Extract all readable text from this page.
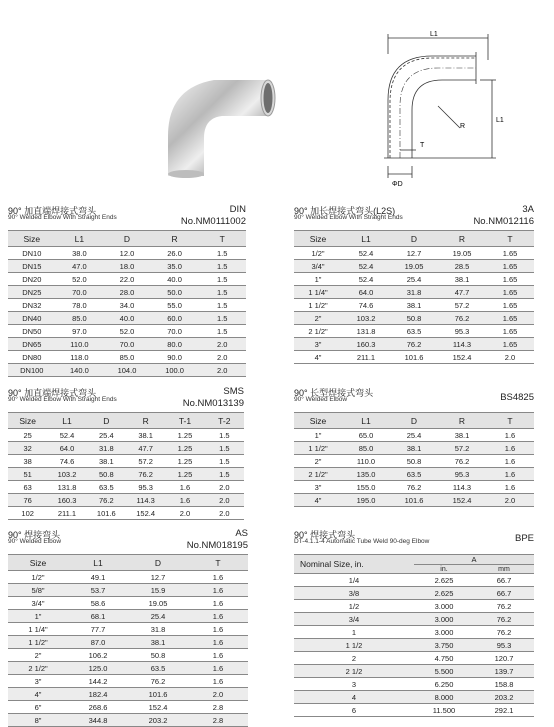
L1
R
L1
T
ΦD
90° 加直端焊接式弯头
90° Welded Elbow With Straight Ends
DIN
No.NM0111002
Size	L1	D	R	T
DN10	38.0	12.0	26.0	1.5
DN15	47.0	18.0	35.0	1.5
DN20	52.0	22.0	40.0	1.5
DN25	70.0	28.0	50.0	1.5
DN32	78.0	34.0	55.0	1.5
DN40	85.0	40.0	60.0	1.5
DN50	97.0	52.0	70.0	1.5
DN65	110.0	70.0	80.0	2.0
DN80	118.0	85.0	90.0	2.0
DN100	140.0	104.0	100.0	2.0
90° 加长焊接式弯头(L2S)
90° Welded Elbow With Straight Ends
3A
No.NM012116
Size	L1	D	R	T
1/2"	52.4	12.7	19.05	1.65
3/4"	52.4	19.05	28.5	1.65
1"	52.4	25.4	38.1	1.65
1 1/4"	64.0	31.8	47.7	1.65
1 1/2"	74.6	38.1	57.2	1.65
2"	103.2	50.8	76.2	1.65
2 1/2"	131.8	63.5	95.3	1.65
3"	160.3	76.2	114.3	1.65
4"	211.1	101.6	152.4	2.0
90° 加直端焊接式弯头
90° Welded Elbow With Straight Ends
SMS
No.NM013139
Size	L1	D	R	T-1	T-2
25	52.4	25.4	38.1	1.25	1.5
32	64.0	31.8	47.7	1.25	1.5
38	74.6	38.1	57.2	1.25	1.5
51	103.2	50.8	76.2	1.25	1.5
63	131.8	63.5	95.3	1.6	2.0
76	160.3	76.2	114.3	1.6	2.0
102	211.1	101.6	152.4	2.0	2.0
90° 长型焊接式弯头
90° Welded Elbow	BS4825
Size	L1	D	R	T
1"	65.0	25.4	38.1	1.6
1 1/2"	85.0	38.1	57.2	1.6
2"	110.0	50.8	76.2	1.6
2 1/2"	135.0	63.5	95.3	1.6
3"	155.0	76.2	114.3	1.6
4"	195.0	101.6	152.4	2.0
90° 焊接弯头
90° Welded Elbow
AS
No.NM018195
Size	L1	D	T
1/2"	49.1	12.7	1.6
5/8"	53.7	15.9	1.6
3/4"	58.6	19.05	1.6
1"	68.1	25.4	1.6
1 1/4"	77.7	31.8	1.6
1 1/2"	87.0	38.1	1.6
2"	106.2	50.8	1.6
2 1/2"	125.0	63.5	1.6
3"	144.2	76.2	1.6
4"	182.4	101.6	2.0
6"	268.6	152.4	2.8
8"	344.8	203.2	2.8
90° 焊接式弯头
DT-4.1.1-4 Automatic Tube Weld 90-deg Elbow	BPE
Nominal Size, in.	A	
	in.	mm
1/4	2.625	66.7
3/8	2.625	66.7
1/2	3.000	76.2
3/4	3.000	76.2
1	3.000	76.2
1 1/2	3.750	95.3
2	4.750	120.7
2 1/2	5.500	139.7
3	6.250	158.8
4	8.000	203.2
6	11.500	292.1
